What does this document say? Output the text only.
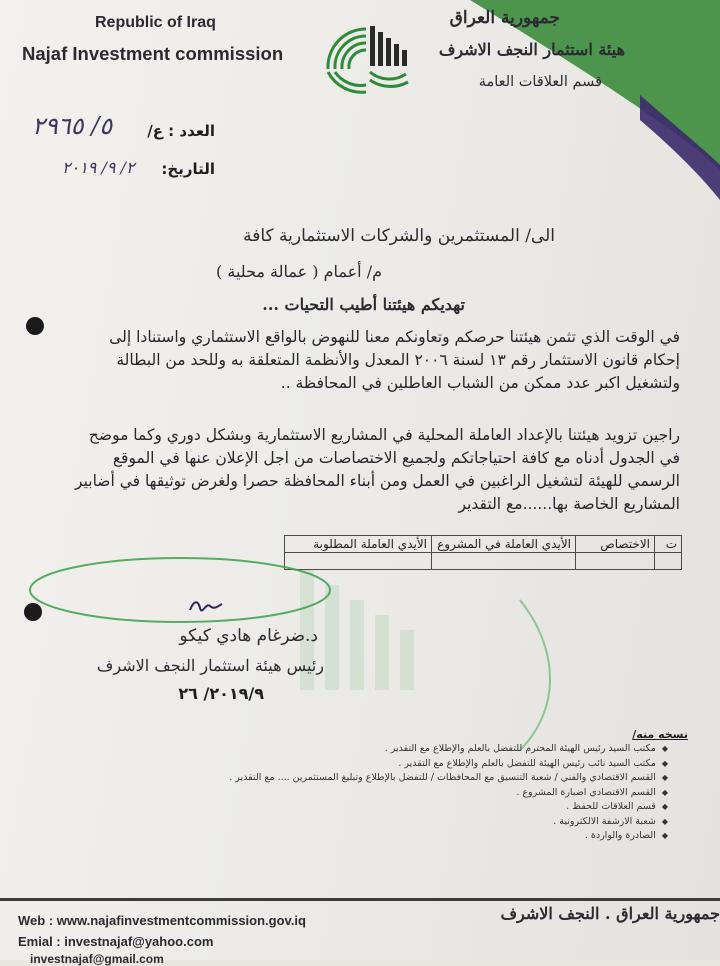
Republic of Iraq
Najaf Investment commission
جمهورية العراق
هيئة استثمار النجف الاشرف
قسم العلاقات العامة
العدد : ع/
٥/ ٢٩٦٥
التاريخ:
٢/ ٩/ ٢٠١٩
الى/ المستثمرين والشركات الاستثمارية كافة
م/ أعمام ( عمالة محلية )
تهديكم هيئتنا أطيب التحيات ...
في الوقت الذي تثمن هيئتنا حرصكم وتعاونكم معنا للنهوض بالواقع الاستثماري واستنادا إلى
إحكام قانون الاستثمار رقم ١٣ لسنة ٢٠٠٦ المعدل والأنظمة المتعلقة به وللحد من البطالة
ولتشغيل اكبر عدد ممكن من الشباب العاطلين في المحافظة ..
راجين تزويد هيئتنا بالإعداد العاملة المحلية في المشاريع الاستثمارية وبشكل دوري وكما موضح
في الجدول أدناه مع كافة احتياجاتكم ولجميع الاختصاصات من اجل الإعلان عنها في الموقع
الرسمي للهيئة لتشغيل الراغبين في العمل ومن أبناء المحافظة حصرا ولغرض توثيقها في أضابير
المشاريع الخاصة بها......مع التقدير
ت	الاختصاص	الأيدي العاملة في المشروع	الأيدي العاملة المطلوبة

د.ضرغام هادي كيكو
رئيس هيئة استثمار النجف الاشرف
٢٠١٩/٩/ ٢٦
نسخه منه/
◆ مكتب السيد رئيس الهيئة المحترم للتفضل بالعلم والإطلاع مع التقدير .
◆ مكتب السيد نائب رئيس الهيئة للتفضل بالعلم والإطلاع مع التقدير .
◆ القسم الاقتصادي والفني / شعبة التنسيق مع المحافظات / للتفضل بالإطلاع وتبليغ المستثمرين .... مع التقدير .
◆ القسم الاقتصادي اضبارة المشروع .
◆ قسم العلاقات للحفظ .
◆ شعبة الارشفة الالكترونية .
◆ الصادرة والواردة .
Web : www.najafinvestmentcommission.gov.iq
Emial : investnajaf@yahoo.com
investnajaf@gmail.com
جمهورية العراق . النجف الاشرف
